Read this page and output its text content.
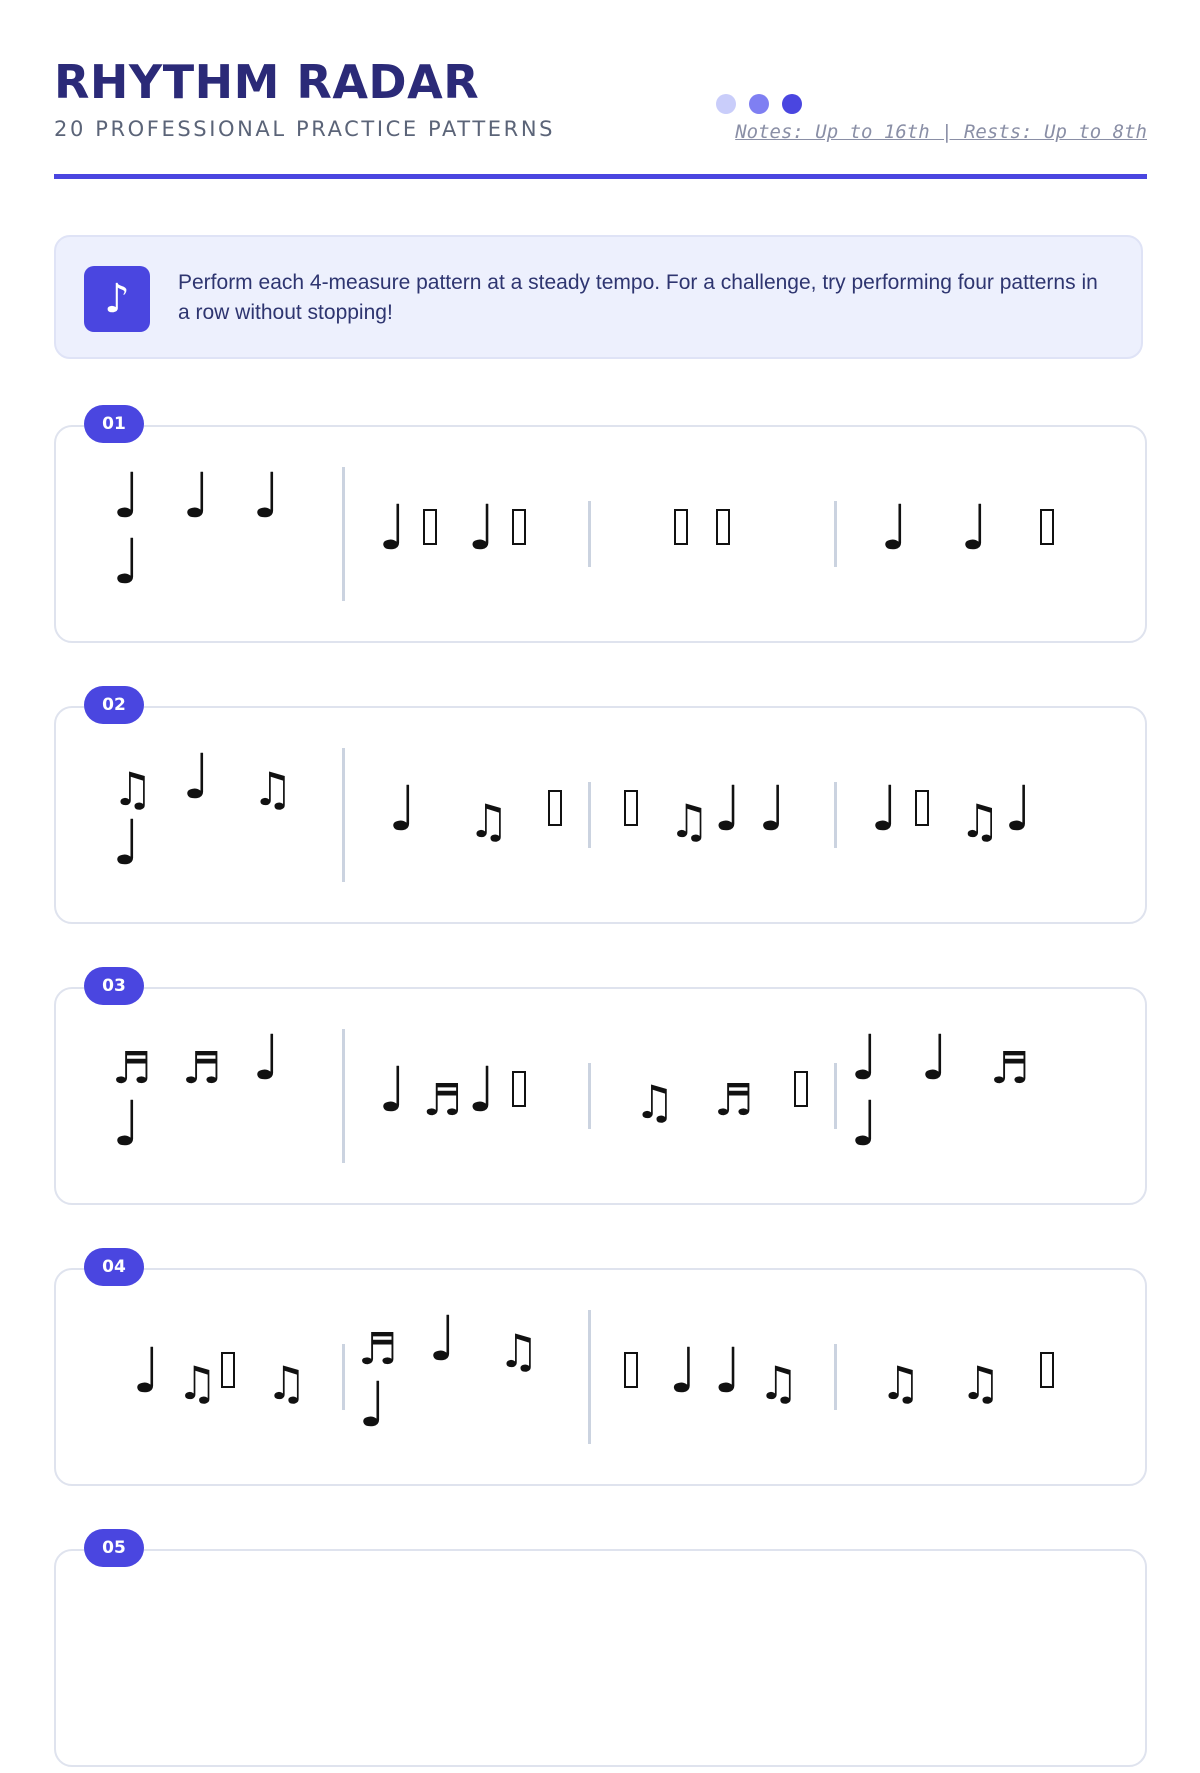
RHYTHM RADAR
20 PROFESSIONAL PRACTICE PATTERNS	Notes: Up to 16th | Rests: Up to 8th
♪	Perform each 4-measure pattern at a steady tempo. For a challenge, try performing four patterns in a row without stopping!
01
♩ ♩ ♩
♩	♩ ♩	♩ ♩
02
♫ ♩ ♫
♩	♩ ♫	♫ ♩ ♩ ♩ ♫ ♩
03
♬ ♬ ♩
♩	♩ ♬ ♩	♫ ♬
♩ ♩ ♬
♩
04
♩ ♫ ♫
♬ ♩ ♫
♩	♩ ♩ ♫ ♫ ♫
05
